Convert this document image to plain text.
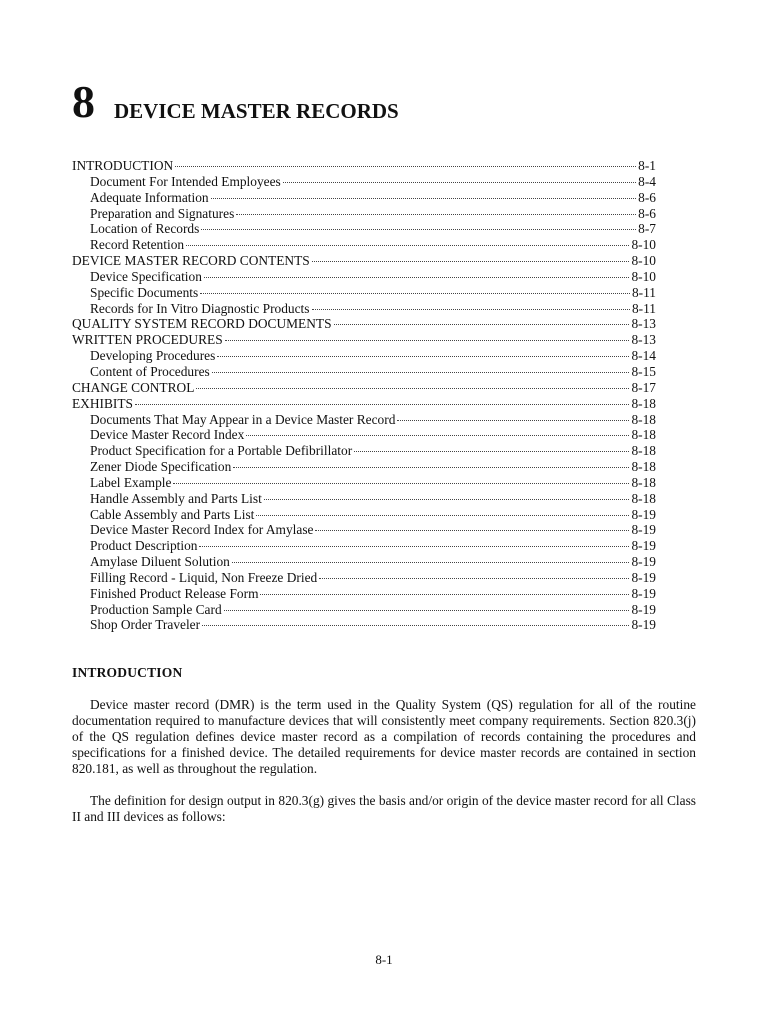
8 DEVICE MASTER RECORDS
INTRODUCTION	8-1
Document For Intended Employees	8-4
Adequate Information	8-6
Preparation and Signatures	8-6
Location of Records	8-7
Record Retention	8-10
DEVICE MASTER RECORD CONTENTS	8-10
Device Specification	8-10
Specific Documents	8-11
Records for In Vitro Diagnostic Products	8-11
QUALITY SYSTEM RECORD DOCUMENTS	8-13
WRITTEN PROCEDURES	8-13
Developing Procedures	8-14
Content of Procedures	8-15
CHANGE CONTROL	8-17
EXHIBITS	8-18
Documents That May Appear in a Device Master Record	8-18
Device Master Record Index	8-18
Product Specification for a Portable Defibrillator	8-18
Zener Diode Specification	8-18
Label Example	8-18
Handle Assembly and Parts List	8-18
Cable Assembly and Parts List	8-19
Device Master Record Index for Amylase	8-19
Product Description	8-19
Amylase Diluent Solution	8-19
Filling Record - Liquid, Non Freeze Dried	8-19
Finished Product Release Form	8-19
Production Sample Card	8-19
Shop Order Traveler	8-19
INTRODUCTION

Device master record (DMR) is the term used in the Quality System (QS) regulation for all of the routine documentation required to manufacture devices that will consistently meet company requirements. Section 820.3(j) of the QS regulation defines device master record as a compilation of records containing the procedures and specifications for a finished device. The detailed requirements for device master records are contained in section 820.181, as well as throughout the regulation.

The definition for design output in 820.3(g) gives the basis and/or origin of the device master record for all Class II and III devices as follows:

8-1
